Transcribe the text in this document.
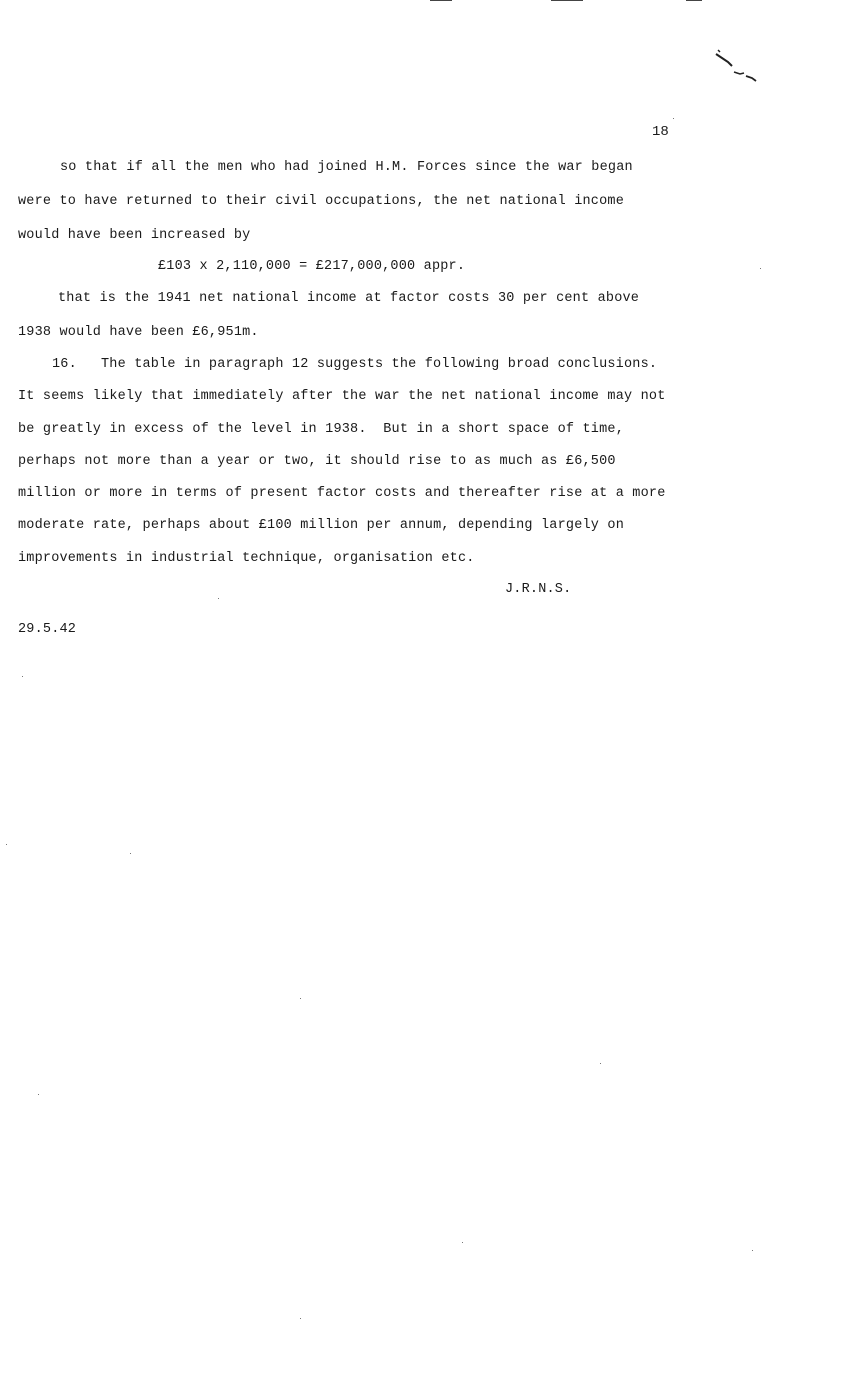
18
so that if all the men who had joined H.M. Forces since the war began
were to have returned to their civil occupations, the net national income
would have been increased by
£103 x 2,110,000 = £217,000,000 appr.
that is the 1941 net national income at factor costs 30 per cent above
1938 would have been £6,951m.
16. The table in paragraph 12 suggests the following broad conclusions.
It seems likely that immediately after the war the net national income may not
be greatly in excess of the level in 1938.  But in a short space of time,
perhaps not more than a year or two, it should rise to as much as £6,500
million or more in terms of present factor costs and thereafter rise at a more
moderate rate, perhaps about £100 million per annum, depending largely on
improvements in industrial technique, organisation etc.
J.R.N.S.
29.5.42
